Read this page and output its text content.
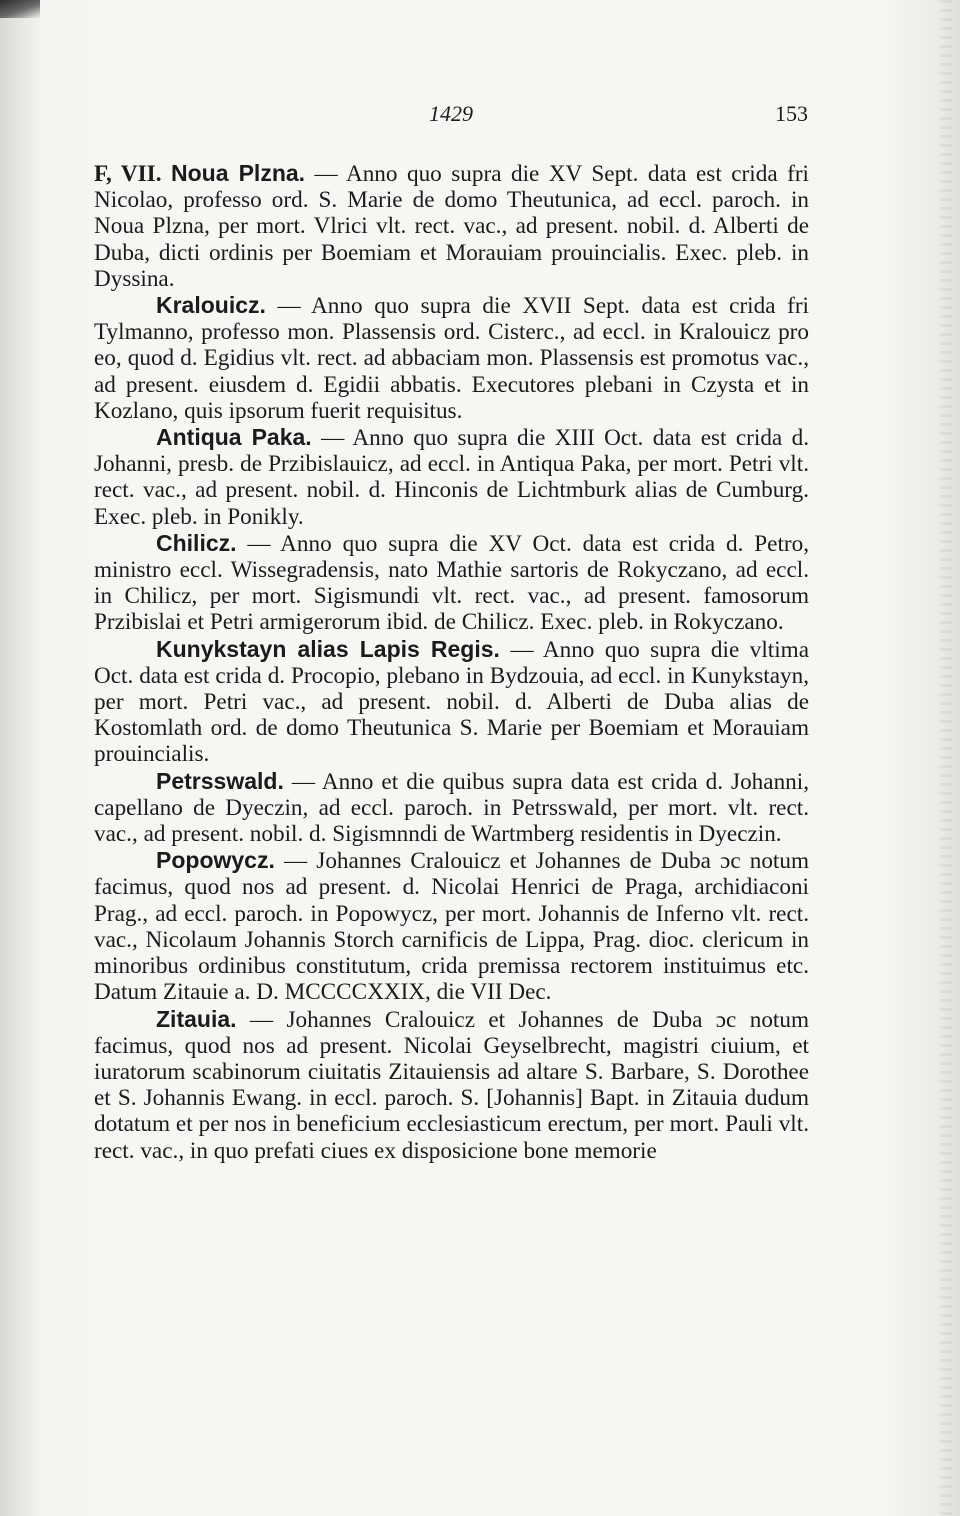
1429	153

F, VII. Noua Plzna. — Anno quo supra die XV Sept. data est crida fri Nicolao, professo ord. S. Marie de domo Theutunica, ad eccl. paroch. in Noua Plzna, per mort. Vlrici vlt. rect. vac., ad present. nobil. d. Alberti de Duba, dicti ordinis per Boemiam et Morauiam prouincialis. Exec. pleb. in Dyssina.

Kralouicz. — Anno quo supra die XVII Sept. data est crida fri Tylmanno, professo mon. Plassensis ord. Cisterc., ad eccl. in Kralouicz pro eo, quod d. Egidius vlt. rect. ad abbaciam mon. Plassensis est promotus vac., ad present. eiusdem d. Egidii abbatis. Executores plebani in Czysta et in Kozlano, quis ipsorum fuerit requisitus.

Antiqua Paka. — Anno quo supra die XIII Oct. data est crida d. Johanni, presb. de Przibislauicz, ad eccl. in Antiqua Paka, per mort. Petri vlt. rect. vac., ad present. nobil. d. Hinconis de Lichtmburk alias de Cumburg. Exec. pleb. in Ponikly.

Chilicz. — Anno quo supra die XV Oct. data est crida d. Petro, ministro eccl. Wissegradensis, nato Mathie sartoris de Rokyczano, ad eccl. in Chilicz, per mort. Sigismundi vlt. rect. vac., ad present. famosorum Przibislai et Petri armigerorum ibid. de Chilicz. Exec. pleb. in Rokyczano.

Kunykstayn alias Lapis Regis. — Anno quo supra die vltima Oct. data est crida d. Procopio, plebano in Bydzouia, ad eccl. in Kunykstayn, per mort. Petri vac., ad present. nobil. d. Alberti de Duba alias de Kostomlath ord. de domo Theutunica S. Marie per Boemiam et Morauiam prouincialis.

Petrsswald. — Anno et die quibus supra data est crida d. Johanni, capellano de Dyeczin, ad eccl. paroch. in Petrsswald, per mort. vlt. rect. vac., ad present. nobil. d. Sigismnndi de Wartmberg residentis in Dyeczin.

Popowycz. — Johannes Cralouicz et Johannes de Duba ɔc notum facimus, quod nos ad present. d. Nicolai Henrici de Praga, archidiaconi Prag., ad eccl. paroch. in Popowycz, per mort. Johannis de Inferno vlt. rect. vac., Nicolaum Johannis Storch carnificis de Lippa, Prag. dioc. clericum in minoribus ordinibus constitutum, crida premissa rectorem instituimus etc. Datum Zitauie a. D. MCCCCXXIX, die VII Dec.

Zitauia. — Johannes Cralouicz et Johannes de Duba ɔc notum facimus, quod nos ad present. Nicolai Geyselbrecht, magistri ciuium, et iuratorum scabinorum ciuitatis Zitauiensis ad altare S. Barbare, S. Dorothee et S. Johannis Ewang. in eccl. paroch. S. [Johannis] Bapt. in Zitauia dudum dotatum et per nos in beneficium ecclesiasticum erectum, per mort. Pauli vlt. rect. vac., in quo prefati ciues ex disposicione bone memorie
